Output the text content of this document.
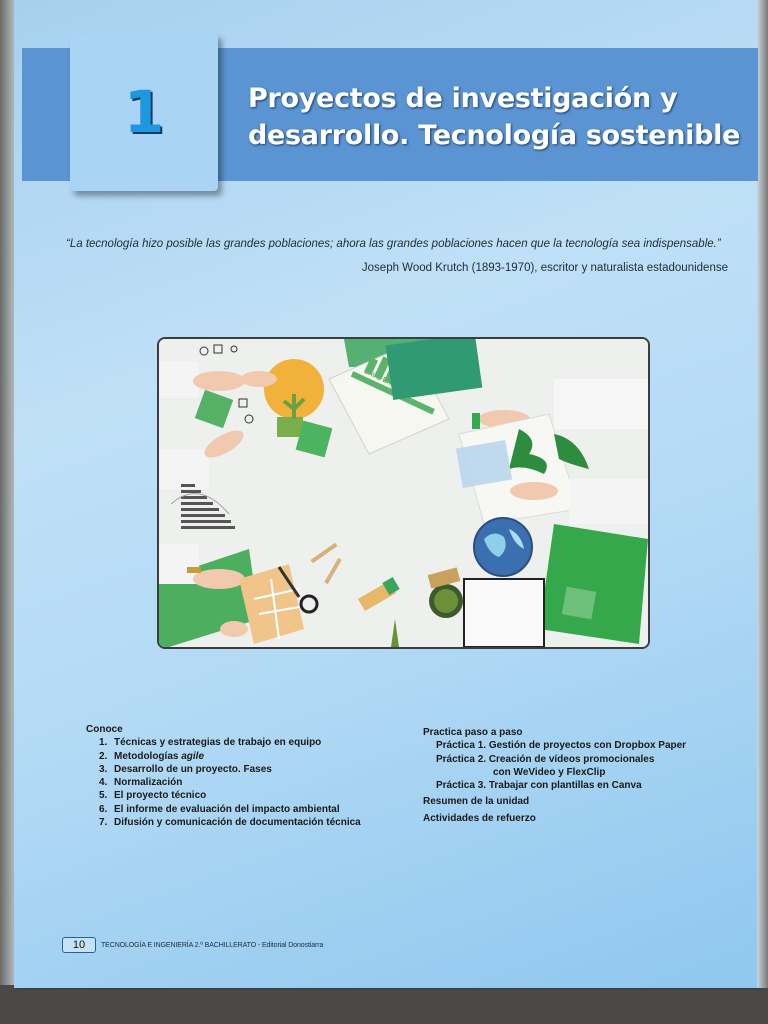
1	Proyectos de investigación y
desarrollo. Tecnología sostenible
“La tecnología hizo posible las grandes poblaciones; ahora las grandes poblaciones hacen que la tecnología sea indispensable.”
Joseph Wood Krutch (1893-1970), escritor y naturalista estadounidense
SAVE
Conoce
1. Técnicas y estrategias de trabajo en equipo
2. Metodologías agile
3. Desarrollo de un proyecto. Fases
4. Normalización
5. El proyecto técnico
6. El informe de evaluación del impacto ambiental
7. Difusión y comunicación de documentación técnica
Practica paso a paso
Práctica 1. Gestión de proyectos con Dropbox Paper
Práctica 2. Creación de vídeos promocionales
con WeVideo y FlexClip
Práctica 3. Trabajar con plantillas en Canva
Resumen de la unidad
Actividades de refuerzo
10	TECNOLOGÍA E INGENIERÍA 2.º BACHILLERATO - Editorial Donostiarra
